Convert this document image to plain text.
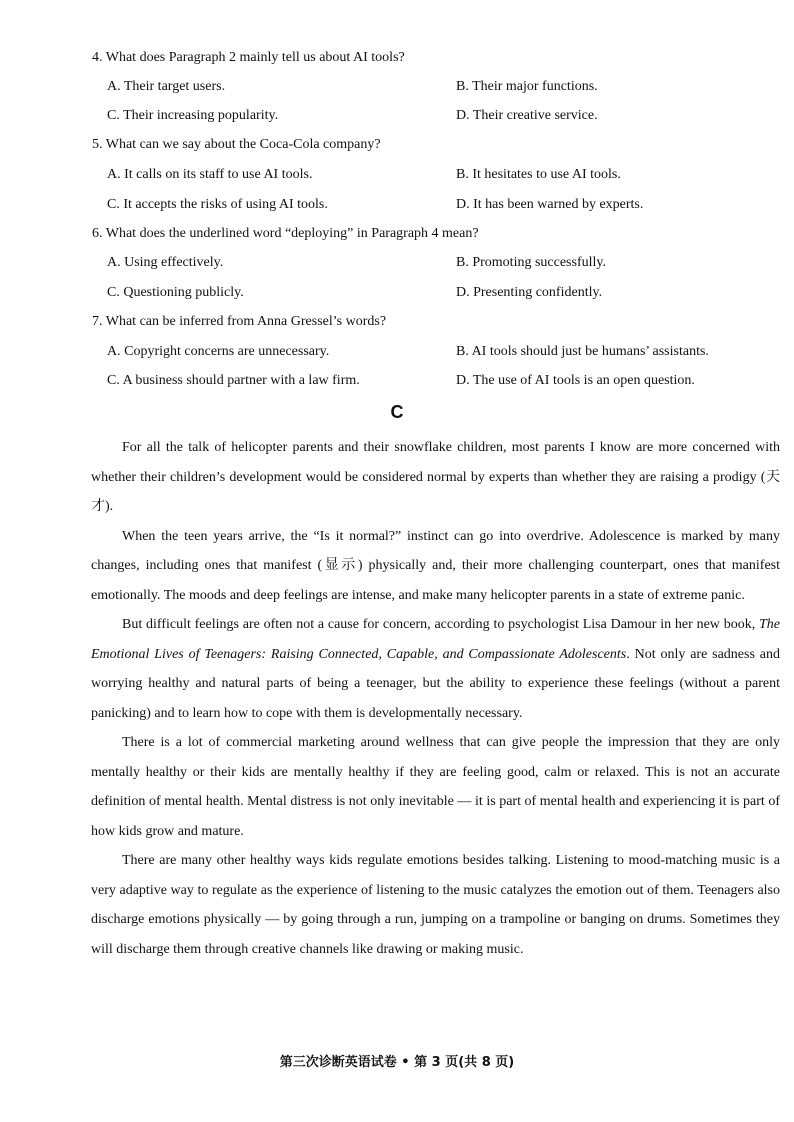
4. What does Paragraph 2 mainly tell us about AI tools?
A. Their target users.	B. Their major functions.
C. Their increasing popularity.	D. Their creative service.
5. What can we say about the Coca-Cola company?
A. It calls on its staff to use AI tools.	B. It hesitates to use AI tools.
C. It accepts the risks of using AI tools.	D. It has been warned by experts.
6. What does the underlined word “deploying” in Paragraph 4 mean?
A. Using effectively.	B. Promoting successfully.
C. Questioning publicly.	D. Presenting confidently.
7. What can be inferred from Anna Gressel’s words?
A. Copyright concerns are unnecessary.	B. AI tools should just be humans’ assistants.
C. A business should partner with a law firm.	D. The use of AI tools is an open question.
C

For all the talk of helicopter parents and their snowflake children, most parents I know are more concerned with whether their children’s development would be considered normal by experts than whether they are raising a prodigy (天才).

When the teen years arrive, the “Is it normal?” instinct can go into overdrive. Adolescence is marked by many changes, including ones that manifest (显示) physically and, their more challenging counterpart, ones that manifest emotionally. The moods and deep feelings are intense, and make many helicopter parents in a state of extreme panic.

But difficult feelings are often not a cause for concern, according to psychologist Lisa Damour in her new book, The Emotional Lives of Teenagers: Raising Connected, Capable, and Compassionate Adolescents. Not only are sadness and worrying healthy and natural parts of being a teenager, but the ability to experience these feelings (without a parent panicking) and to learn how to cope with them is developmentally necessary.

There is a lot of commercial marketing around wellness that can give people the impression that they are only mentally healthy or their kids are mentally healthy if they are feeling good, calm or relaxed. This is not an accurate definition of mental health. Mental distress is not only inevitable — it is part of mental health and experiencing it is part of how kids grow and mature.

There are many other healthy ways kids regulate emotions besides talking. Listening to mood-matching music is a very adaptive way to regulate as the experience of listening to the music catalyzes the emotion out of them. Teenagers also discharge emotions physically — by going through a run, jumping on a trampoline or banging on drums. Sometimes they will discharge them through creative channels like drawing or making music.

第三次诊断英语试卷 • 第 3 页(共 8 页)
